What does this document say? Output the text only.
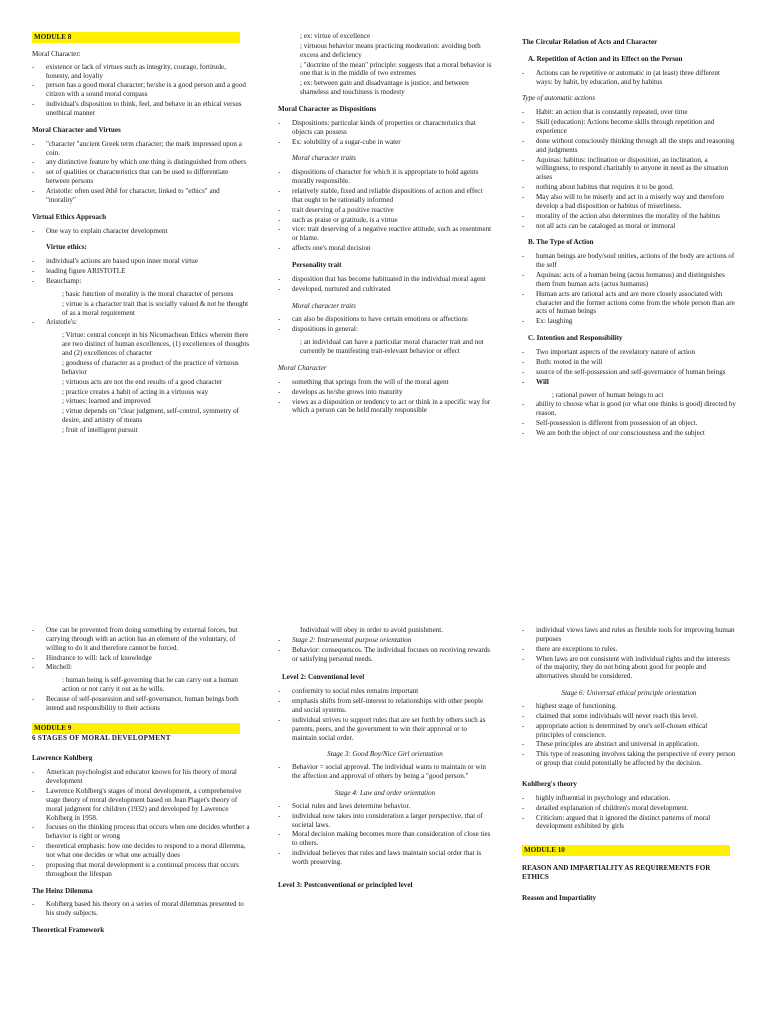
MODULE 8
Moral Character:
- existence or lack of virtues such as integrity, courage, fortitude, honesty, and loyalty
- person has a good moral character; he/she is a good person and a good citizen with a sound moral compass
- individual's disposition to think, feel, and behave in an ethical versus unethical manner
Moral Character and Virtues
- "character "ancient Greek term character; the mark impressed upon a coin.
- any distinctive feature by which one thing is distinguished from others
- set of qualities or characteristics that can be used to differentiate between persons
- Aristotle: often used êthê for character, linked to "ethics" and "morality"
Virtual Ethics Approach
- One way to explain character development
Virtue ethics:
- individual's actions are based upon inner moral virtue
- leading figure ARISTOTLE
- Beauchamp:
; basic function of morality is the moral character of persons
; virtue is a character trait that is socially valued & not be thought of as a moral requirement
- Aristotle's:
; Virtue: central concept in his Nicomachean Ethics wherein there are two distinct of human excellences, (1) excellences of thoughts and (2) excellences of character
; goodness of character as a product of the practice of virtuous behavior
; virtuous acts are not the end results of a good character
; practice creates a habit of acting in a virtuous way
; virtues: learned and improved
; virtue depends on "clear judgment, self-control, symmetry of desire, and artistry of means
; fruit of intelligent pursuit
; ex: virtue of excellence
; virtuous behavior means practicing moderation: avoiding both excess and deficiency
; "doctrine of the mean" principle: suggests that a moral behavior is one that is in the middle of two extremes
; ex: between gain and disadvantage is justice, and between shameless and touchiness is modesty
Moral Character as Dispositions
- Dispositions: particular kinds of properties or characteristics that objects can possess
- Ex: solubility of a sugar-cube in water
Moral character traits
- dispositions of character for which it is appropriate to hold agents morally responsible.
- relatively stable, fixed and reliable dispositions of action and effect that ought to be rationally informed
- trait deserving of a positive reactive
- such as praise or gratitude, is a virtue
- vice: trait deserving of a negative reactive attitude, such as resentment or blame.
- affects one's moral decision
Personality trait
- disposition that has become habituated in the individual moral agent
- developed, nurtured and cultivated
Moral character traits
- can also be dispositions to have certain emotions or affections
- dispositions in general:
; an individual can have a particular moral character trait and not currently be manifesting trait-relevant behavior or effect
Moral Character
- something that springs from the will of the moral agent
- develops as he/she grows into maturity
- views as a disposition or tendency to act or think in a specific way for which a person can be held morally responsible
The Circular Relation of Acts and Character
A. Repetition of Action and its Effect on the Person
- Actions can be repetitive or automatic in (at least) three different ways: by habit, by education, and by habitus
Type of automatic actions
- Habit: an action that is constantly repeated, over time
- Skill (education): Actions become skills through repetition and experience
- done without consciously thinking through all the steps and reasoning and judgments
- Aquinas: habitus: inclination or disposition, an inclination, a willingness, to respond charitably to anyone in need as the situation arises
- nothing about habitus that requires it to be good.
- May also will to be miserly and act in a miserly way and therefore develop a bad disposition or habitus of miserliness.
- morality of the action also determines the morality of the habitus
- not all acts can be cataloged as moral or immoral
B. The Type of Action
- human beings are body/soul unities, actions of the body are actions of the self
- Aquinas: acts of a human being (actus homanus) and distinguishes them from human acts (actus humanus)
- Human acts are rational acts and are more closely associated with character and the former actions come from the whole person than are acts of human beings
- Ex: laughing
C. Intention and Responsibility
- Two important aspects of the revelatory nature of action
- Both: rooted in the will
- source of the self-possession and self-governance of human beings
- Will
; rational power of human beings to act
- ability to choose what is good (or what one thinks is good) directed by reason.
- Self-possession is different from possession of an object.
- We are both the object of our consciousness and the subject
- One can be prevented from doing something by external forces, but carrying through with an action has an element of the voluntary, of willing to do it and therefore cannot be forced.
- Hindrance to will: lack of knowledge
- Mitchell:
: human being is self-governing that he can carry out a human action or not carry it out as he wills.
- Because of self-possession and self-governance, human beings both intend and responsibility to their actions
MODULE 9
6 STAGES OF MORAL DEVELOPMENT
Lawrence Kohlberg
- American psychologist and educator known for his theory of moral development
- Lawrence Kohlberg's stages of moral development, a comprehensive stage theory of moral development based on Jean Piaget's theory of moral judgment for children (1932) and developed by Lawrence Kohlberg in 1958.
- focuses on the thinking process that occurs when one decides whether a behavior is right or wrong
- theoretical emphasis: how one decides to respond to a moral dilemma, not what one decides or what one actually does
- proposing that moral development is a continual process that occurs throughout the lifespan
The Heinz Dilemma
- Kohlberg based his theory on a series of moral dilemmas presented to his study subjects.
Theoretical Framework
Individual will obey in order to avoid punishment.
- Stage 2: Instrumental purpose orientation
- Behavior: consequences. The individual focuses on receiving rewards or satisfying personal needs.
Level 2: Conventional level
- conformity to social rules remains important
- emphasis shifts from self-interest to relationships with other people and social systems.
- individual strives to support rules that are set forth by others such as parents, peers, and the government to win their approval or to maintain social order.
Stage 3: Good Boy/Nice Girl orientation
- Behavior = social approval. The individual wants to maintain or win the affection and approval of others by being a "good person."
Stage 4: Law and order orientation
- Social rules and laws determine behavior.
- individual now takes into consideration a larger perspective, that of societal laws.
- Moral decision making becomes more than consideration of close ties to others.
- individual believes that rules and laws maintain social order that is worth preserving.
Level 3: Postconventional or principled level
- individual views laws and rules as flexible tools for improving human purposes
- there are exceptions to rules.
- When laws are not consistent with individual rights and the interests of the majority, they do not bring about good for people and alternatives should be considered.
Stage 6: Universal ethical principle orientation
- highest stage of functioning.
- claimed that some individuals will never reach this level.
- appropriate action is determined by one's self-chosen ethical principles of conscience.
- These principles are abstract and universal in application.
- This type of reasoning involves taking the perspective of every person or group that could potentially be affected by the decision.
Kohlberg's theory
- highly influential in psychology and education.
- detailed explanation of children's moral development.
- Criticism: argued that it ignored the distinct patterns of moral development exhibited by girls
MODULE 10
REASON AND IMPARTIALITY AS REQUIREMENTS FOR ETHICS
Reason and Impartiality
